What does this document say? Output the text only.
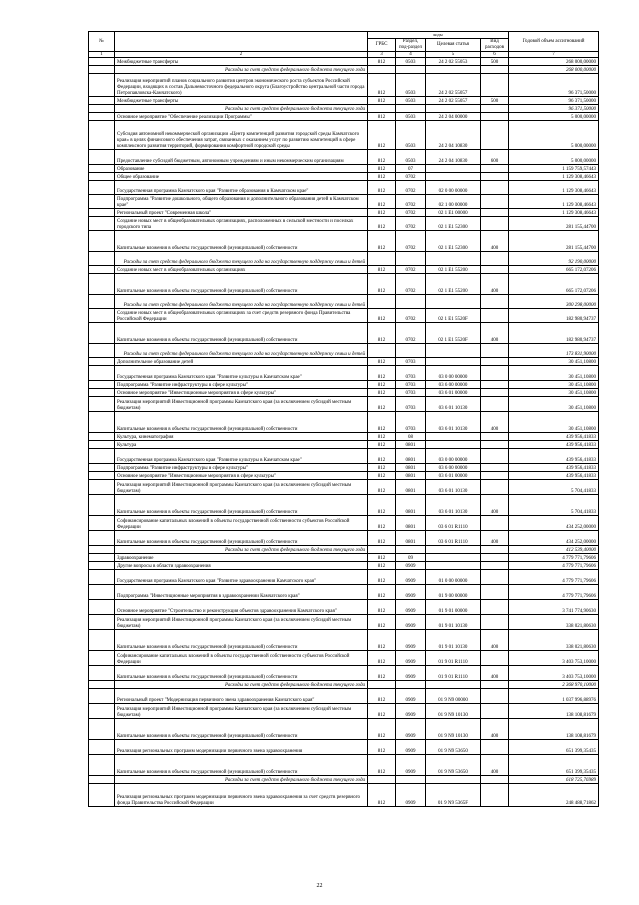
№		коды				Годовой объем ассигнований
		ГРБС	Раздел, под-раздел	Целевая статья	Вид расходов	
1	2	3	4	5	6	7
	Межбюджетные трансферты	812	0503	24 2 02 55053	500	268 000,00000
	Расходы за счет средств федерального бюджета текущего года					268 000,00000
	Реализация мероприятий планов социального развития центров экономического роста субъектов Российской Федерации, входящих в состав Дальневосточного федерального округа (Благоустройство центральной части города Петропавловска-Камчатского)	812	0503	24 2 02 55057		96 371,50000
	Межбюджетные трансферты	812	0503	24 2 02 55057	500	96 371,50000
	Расходы за счет средств федерального бюджета текущего года					96 371,50000
	Основное мероприятие "Обеспечение реализации Программы"	812	0503	24 2 04 00000		5 000,00000
	Субсидия автономной некоммерческой организации «Центр компетенций развития городской среды Камчатского края» в целях финансового обеспечения затрат, связанных с оказанием услуг по развитию компетенций в сфере комплексного развития территорий, формирования комфортной городской среды	812	0503	24 2 04 10830		5 000,00000
	Предоставление субсидий бюджетным, автономным учреждениям и иным некоммерческим организациям	812	0503	24 2 04 10830	600	5 000,00000
	Образование	812	07			1 159 759,57443
	Общее образование	812	0702			1 129 308,46643
	Государственная программа Камчатского края "Развитие образования в Камчатском крае"	812	0702	02 0 00 00000		1 129 308,46643
	Подпрограмма "Развитие дошкольного, общего образования и дополнительного образования детей в Камчатском крае"	812	0702	02 1 00 00000		1 129 308,46643
	Региональный проект "Современная школа"	812	0702	02 1 E1 00000		1 129 308,46643
	Создание новых мест в общеобразовательных организациях, расположенных в сельской местности и поселках городского типа	812	0702	02 1 E1 52300		281 155,44700
	Капитальные вложения в объекты государственной (муниципальной) собственности	812	0702	02 1 E1 52300	400	281 155,44700
	Расходы за счет средств федерального бюджета текущего года на государственную поддержку семьи и детей					92 190,00000
	Создание новых мест в общеобразовательных организациях	812	0702	02 1 E1 55200		665 172,07206
	Капитальные вложения в объекты государственной (муниципальной) собственности	812	0702	02 1 E1 55200	400	665 172,07206
	Расходы за счет средств федерального бюджета текущего года на государственную поддержку семьи и детей					300 298,00000
	Создание новых мест в общеобразовательных организациях за счет средств резервного фонда Правительства Российской Федерации	812	0702	02 1 E1 5520F		182 980,94737
	Капитальные вложения в объекты государственной (муниципальной) собственности	812	0702	02 1 E1 5520F	400	182 980,94737
	Расходы за счет средств федерального бюджета текущего года на государственную поддержку семьи и детей					173 831,90000
	Дополнительное образование детей	812	0703			30 451,10800
	Государственная программа Камчатского края "Развитие культуры в Камчатском крае"	812	0703	03 0 00 00000		30 451,10800
	Подпрограмма "Развитие инфраструктуры в сфере культуры"	812	0703	03 6 00 00000		30 451,10800
	Основное мероприятие "Инвестиционные мероприятия в сфере культуры"	812	0703	03 6 01 00000		30 451,10800
	Реализация мероприятий Инвестиционной программы Камчатского края (за исключением субсидий местным бюджетам)	812	0703	03 6 01 10130		30 451,10800
	Капитальные вложения в объекты государственной (муниципальной) собственности	812	0703	03 6 01 10130	400	30 451,10800
	Культура, кинематография	812	08			439 956,41833
	Культура	812	0801			439 956,41833
	Государственная программа Камчатского края "Развитие культуры в Камчатском крае"	812	0801	03 0 00 00000		439 956,41833
	Подпрограмма "Развитие инфраструктуры в сфере культуры"	812	0801	03 6 00 00000		439 956,41833
	Основное мероприятие "Инвестиционные мероприятия в сфере культуры"	812	0801	03 6 01 00000		439 956,41833
	Реализация мероприятий Инвестиционной программы Камчатского края (за исключением субсидий местным бюджетам)	812	0801	03 6 01 10130		5 704,41833
	Капитальные вложения в объекты государственной (муниципальной) собственности	812	0801	03 6 01 10130	400	5 704,41833
	Софинансирование капитальных вложений в объекты государственной собственности субъектов Российской Федерации	812	0801	03 6 01 R1110		434 252,00000
	Капитальные вложения в объекты государственной (муниципальной) собственности	812	0801	03 6 01 R1110	400	434 252,00000
	Расходы за счет средств федерального бюджета текущего года					412 539,40000
	Здравоохранение	812	09			4 779 771,79606
	Другие вопросы в области здравоохранения	812	0909			4 779 771,79606
	Государственная программа Камчатского края "Развитие здравоохранения Камчатского края"	812	0909	01 0 00 00000		4 779 771,79606
	Подпрограмма "Инвестиционные мероприятия в здравоохранении Камчатского края"	812	0909	01 9 00 00000		4 779 771,79606
	Основное мероприятие "Строительство и реконструкция объектов здравоохранения Камчатского края"	812	0909	01 9 01 00000		3 741 774,90630
	Реализация мероприятий Инвестиционной программы Камчатского края (за исключением субсидий местным бюджетам)	812	0909	01 9 01 10130		338 021,80630
	Капитальные вложения в объекты государственной (муниципальной) собственности	812	0909	01 9 01 10130	400	338 021,80630
	Софинансирование капитальных вложений в объекты государственной собственности субъектов Российской Федерации	812	0909	01 9 01 R1110		3 403 753,10000
	Капитальные вложения в объекты государственной (муниципальной) собственности	812	0909	01 9 01 R1110	400	3 403 753,10000
	Расходы за счет средств федерального бюджета текущего года					2 368 970,10000
	Региональный проект "Модернизация первичного звена здравоохранения Камчатского края"	812	0909	01 9 N9 00000		1 037 996,88976
	Реализация мероприятий Инвестиционной программы Камчатского края (за исключением субсидий местным бюджетам)	812	0909	01 9 N9 10130		138 108,81679
	Капитальные вложения в объекты государственной (муниципальной) собственности	812	0909	01 9 N9 10130	400	138 108,81679
	Реализация региональных программ модернизации первичного звена здравоохранения	812	0909	01 9 N9 53650		651 399,35435
	Капитальные вложения в объекты государственной (муниципальной) собственности	812	0909	01 9 N9 53650	400	651 399,35435
	Расходы за счет средств федерального бюджета текущего года					618 725,76989
	Реализация региональных программ модернизации первичного звена здравоохранения за счет средств резервного фонда Правительства Российской Федерации	812	0909	01 9 N9 5365F		248 488,71862
22
